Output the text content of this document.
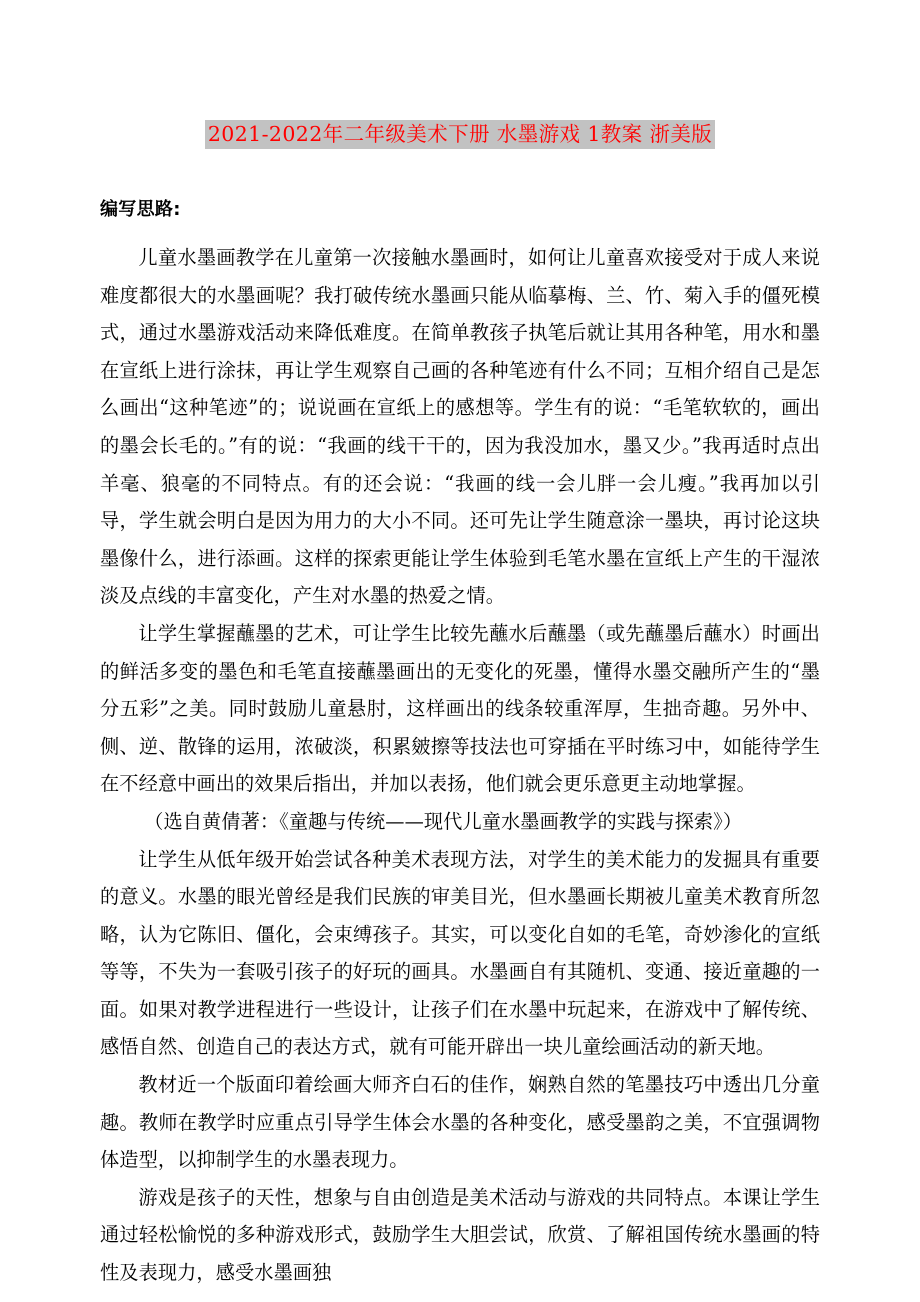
2021-2022年二年级美术下册 水墨游戏 1教案 浙美版
编写思路:

儿童水墨画教学在儿童第一次接触水墨画时，如何让儿童喜欢接受对于成人来说难度都很大的水墨画呢？我打破传统水墨画只能从临摹梅、兰、竹、菊入手的僵死模式，通过水墨游戏活动来降低难度。在简单教孩子执笔后就让其用各种笔，用水和墨在宣纸上进行涂抹，再让学生观察自己画的各种笔迹有什么不同；互相介绍自己是怎么画出“这种笔迹”的；说说画在宣纸上的感想等。学生有的说：“毛笔软软的，画出的墨会长毛的。”有的说：“我画的线干干的，因为我没加水，墨又少。”我再适时点出羊毫、狼毫的不同特点。有的还会说：“我画的线一会儿胖一会儿瘦。”我再加以引导，学生就会明白是因为用力的大小不同。还可先让学生随意涂一墨块，再讨论这块墨像什么，进行添画。这样的探索更能让学生体验到毛笔水墨在宣纸上产生的干湿浓淡及点线的丰富变化，产生对水墨的热爱之情。

让学生掌握蘸墨的艺术，可让学生比较先蘸水后蘸墨（或先蘸墨后蘸水）时画出的鲜活多变的墨色和毛笔直接蘸墨画出的无变化的死墨，懂得水墨交融所产生的“墨分五彩”之美。同时鼓励儿童悬肘，这样画出的线条较重浑厚，生拙奇趣。另外中、侧、逆、散锋的运用，浓破淡，积累皴擦等技法也可穿插在平时练习中，如能待学生在不经意中画出的效果后指出，并加以表扬，他们就会更乐意更主动地掌握。

（选自黄倩著：《童趣与传统——现代儿童水墨画教学的实践与探索》）

让学生从低年级开始尝试各种美术表现方法，对学生的美术能力的发掘具有重要的意义。水墨的眼光曾经是我们民族的审美目光，但水墨画长期被儿童美术教育所忽略，认为它陈旧、僵化，会束缚孩子。其实，可以变化自如的毛笔，奇妙渗化的宣纸等等，不失为一套吸引孩子的好玩的画具。水墨画自有其随机、变通、接近童趣的一面。如果对教学进程进行一些设计，让孩子们在水墨中玩起来，在游戏中了解传统、感悟自然、创造自己的表达方式，就有可能开辟出一块儿童绘画活动的新天地。

教材近一个版面印着绘画大师齐白石的佳作，娴熟自然的笔墨技巧中透出几分童趣。教师在教学时应重点引导学生体会水墨的各种变化，感受墨韵之美，不宜强调物体造型，以抑制学生的水墨表现力。

游戏是孩子的天性，想象与自由创造是美术活动与游戏的共同特点。本课让学生通过轻松愉悦的多种游戏形式，鼓励学生大胆尝试，欣赏、了解祖国传统水墨画的特性及表现力，感受水墨画独
